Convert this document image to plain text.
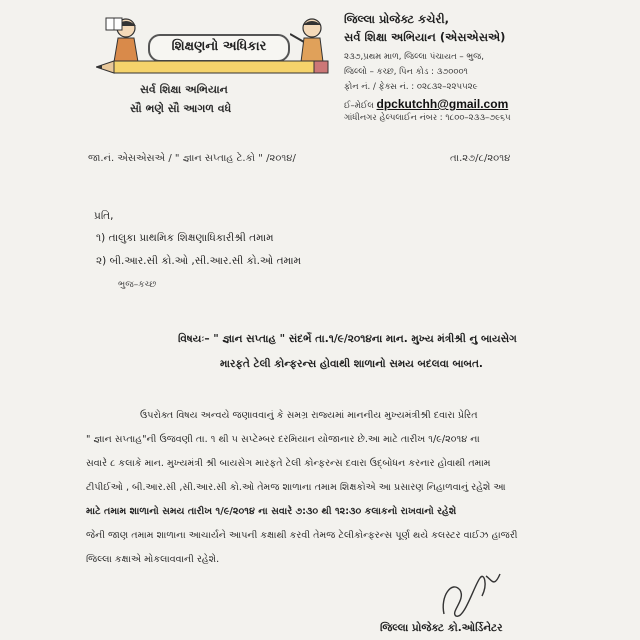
શિક્ષણનો અધિકાર
સર્વ શિક્ષા અભિયાન
સૌ ભણે સૌ આગળ વધે
જિલ્લા પ્રોજેક્ટ કચેરી,
સર્વ શિક્ષા અભિયાન (એસએસએ)
૨૩૭,પ્રથમ માળ, જિલ્લા પંચાયત – ભુજ,
જિલ્લો – કચ્છ, પિન કોડ : ૩૭૦૦૦૧
ફોન નં. / ફેક્સ નં. : ૦૨૮૩૨–૨૨૫૫૨૯
ઈ–મેઈલ dpckutchh@gmail.com
ગાંધીનગર હેલ્પલાઈન નંબર : ૧૮૦૦–૨૩૩–૭૯૬૫
જા.નં. એસએસએ / " જ્ઞાન સપ્તાહ ટે.કો " /૨૦૧૪/	તા.૨૭/૮/૨૦૧૪
પ્રતિ,
૧) તાલુકા પ્રાથમિક શિક્ષણાધિકારીશ્રી તમામ
૨) બી.આર.સી કો.ઓ ,સી.આર.સી કો.ઓ તમામ
ભુજ–કચ્છ
વિષયઃ– " જ્ઞાન સપ્તાહ " સંદર્ભે તા.૧/૯/૨૦૧૪ના માન. મુખ્ય મંત્રીશ્રી નુ બાયસેગ
મારફતે ટેલી કોન્ફરન્સ હોવાથી શાળાનો સમય બદલવા બાબત.
ઉપરોક્ત વિષય અન્વયે જણાવવાનું કે સમગ્ર રાજ્યમાં માનનીય મુખ્યમંત્રીશ્રી દવારા પ્રેરિત
" જ્ઞાન સપ્તાહ"ની ઉજવણી તા. ૧ થી ૫ સપ્ટેમ્બર દરમિયાન યોજાનાર છે.આ માટે તારીખ ૧/૯/૨૦૧૪ ના
સવારે ૮ કલાકે માન. મુખ્યમંત્રી શ્રી બાયસેગ મારફતે ટેલી કોન્ફરન્સ દવારા ઉદ્‌બોધન કરનાર હોવાથી તમામ
ટીપીઈઓ , બી.આર.સી ,સી.આર.સી કો.ઓ તેમજ શાળાના તમામ શિક્ષકોએ આ પ્રસારણ નિહાળવાનું રહેશે આ
માટે તમામ શાળાનો સમય તારીખ ૧/૯/૨૦૧૪ ના સવારે ૭:૩૦ થી ૧૨:૩૦ કલાકનો રાખવાનો રહેશે
જેની જાણ તમામ શાળાના આચાર્યને આપની કક્ષાથી કરવી તેમજ ટેલીકોન્ફરન્સ પૂર્ણ થયે કલસ્ટર વાઈઝ હાજરી
જિલ્લા કક્ષાએ મોકલાવવાની રહેશે.
જિલ્લા પ્રોજેક્ટ કો.ઓર્ડિનેટર
